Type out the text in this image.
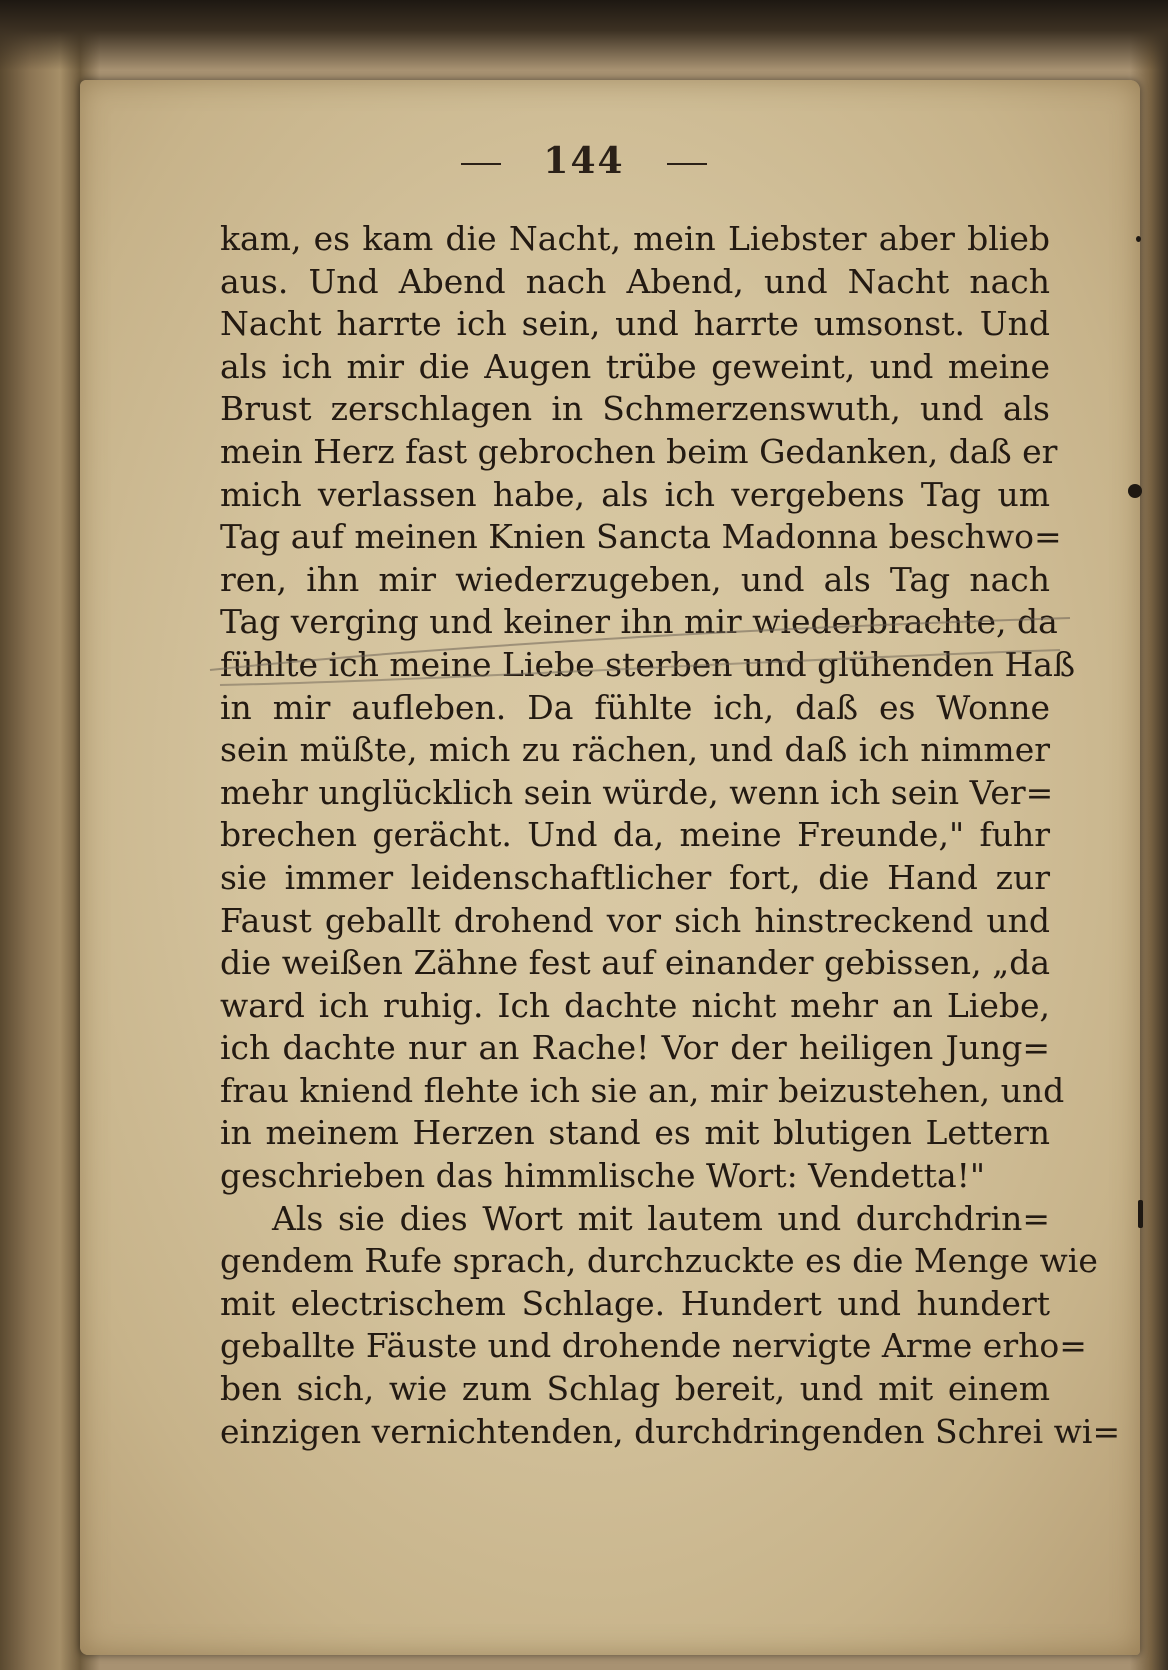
144
kam, es kam die Nacht, mein Liebster aber blieb
aus. Und Abend nach Abend, und Nacht nach
Nacht harrte ich sein, und harrte umsonst. Und
als ich mir die Augen trübe geweint, und meine
Brust zerschlagen in Schmerzenswuth, und als
mein Herz fast gebrochen beim Gedanken, daß er
mich verlassen habe, als ich vergebens Tag um
Tag auf meinen Knien Sancta Madonna beschwo=
ren, ihn mir wiederzugeben, und als Tag nach
Tag verging und keiner ihn mir wiederbrachte, da
fühlte ich meine Liebe sterben und glühenden Haß
in mir aufleben. Da fühlte ich, daß es Wonne
sein müßte, mich zu rächen, und daß ich nimmer
mehr unglücklich sein würde, wenn ich sein Ver=
brechen gerächt. Und da, meine Freunde," fuhr
sie immer leidenschaftlicher fort, die Hand zur
Faust geballt drohend vor sich hinstreckend und
die weißen Zähne fest auf einander gebissen, „da
ward ich ruhig. Ich dachte nicht mehr an Liebe,
ich dachte nur an Rache! Vor der heiligen Jung=
frau kniend flehte ich sie an, mir beizustehen, und
in meinem Herzen stand es mit blutigen Lettern
geschrieben das himmlische Wort: Vendetta!"
Als sie dies Wort mit lautem und durchdrin=
gendem Rufe sprach, durchzuckte es die Menge wie
mit electrischem Schlage. Hundert und hundert
geballte Fäuste und drohende nervigte Arme erho=
ben sich, wie zum Schlag bereit, und mit einem
einzigen vernichtenden, durchdringenden Schrei wi=
